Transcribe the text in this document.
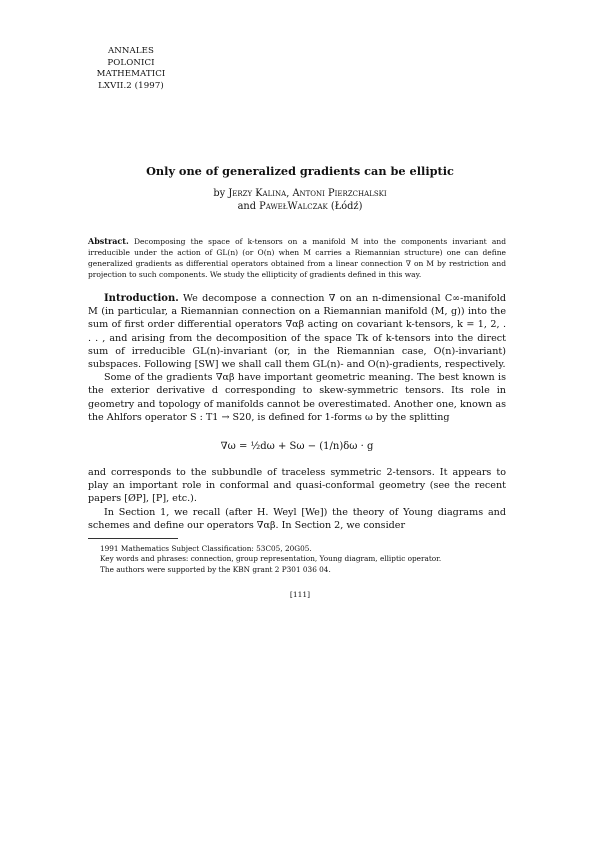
ANNALES
POLONICI MATHEMATICI
LXVII.2 (1997)
Only one of generalized gradients can be elliptic
by Jerzy Kalina, Antoni Pierzchalski
and PawełWalczak (Łódź)
Abstract. Decomposing the space of k-tensors on a manifold M into the components invariant and irreducible under the action of GL(n) (or O(n) when M carries a Riemannian structure) one can define generalized gradients as differential operators obtained from a linear connection ∇ on M by restriction and projection to such components. We study the ellipticity of gradients defined in this way.

Introduction. We decompose a connection ∇ on an n-dimensional C∞-manifold M (in particular, a Riemannian connection on a Riemannian manifold (M, g)) into the sum of first order differential operators ∇αβ acting on covariant k-tensors, k = 1, 2, . . . , and arising from the decomposition of the space Tk of k-tensors into the direct sum of irreducible GL(n)-invariant (or, in the Riemannian case, O(n)-invariant) subspaces. Following [SW] we shall call them GL(n)- and O(n)-gradients, respectively.

Some of the gradients ∇αβ have important geometric meaning. The best known is the exterior derivative d corresponding to skew-symmetric tensors. Its role in geometry and topology of manifolds cannot be overestimated. Another one, known as the Ahlfors operator S : T1 → S20, is defined for 1-forms ω by the splitting

∇ω = ½dω + Sω − (1/n)δω · g

and corresponds to the subbundle of traceless symmetric 2-tensors. It appears to play an important role in conformal and quasi-conformal geometry (see the recent papers [ØP], [P], etc.).

In Section 1, we recall (after H. Weyl [We]) the theory of Young diagrams and schemes and define our operators ∇αβ. In Section 2, we consider

1991 Mathematics Subject Classification: 53C05, 20G05.

Key words and phrases: connection, group representation, Young diagram, elliptic operator.

The authors were supported by the KBN grant 2 P301 036 04.

[111]
